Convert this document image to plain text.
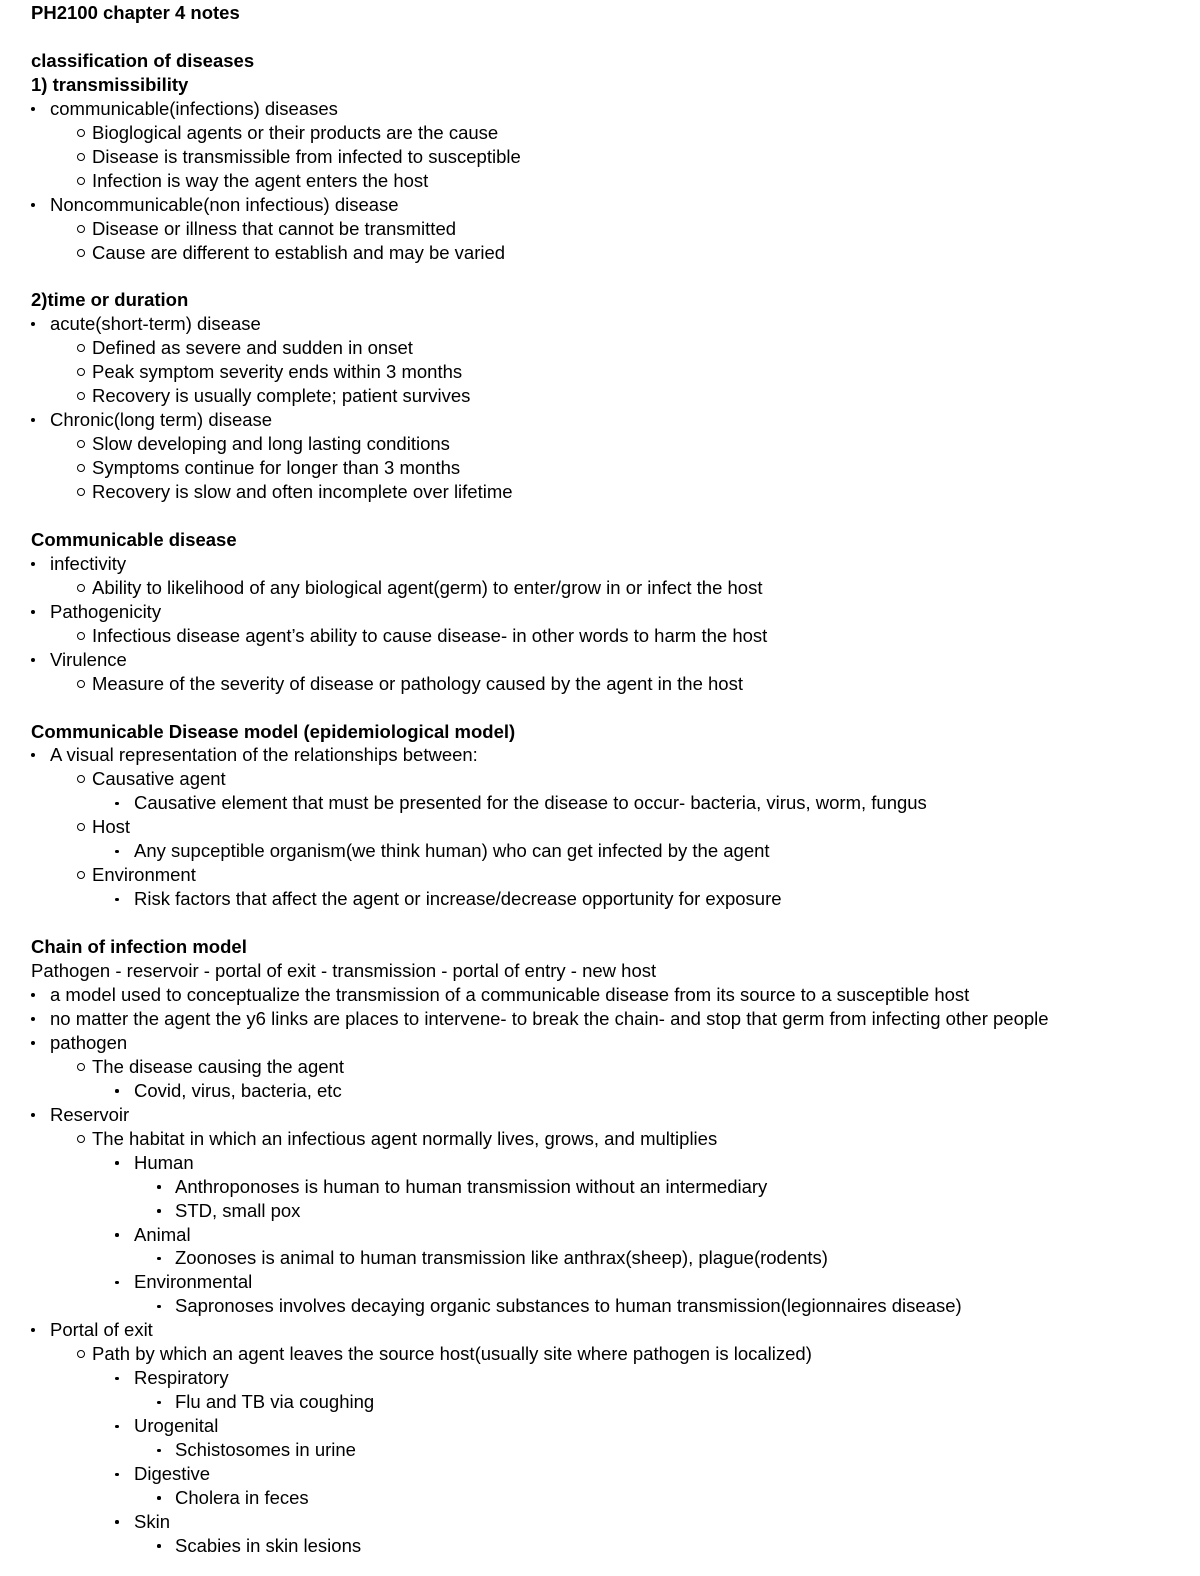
PH2100 chapter 4 notes
classification of diseases
1) transmissibility
communicable(infections) diseases
Bioglogical agents or their products are the cause
Disease is transmissible from infected to susceptible
Infection is way the agent enters the host
Noncommunicable(non infectious) disease
Disease or illness that cannot be transmitted
Cause are different to establish and may be varied
2)time or duration
acute(short-term) disease
Defined as severe and sudden in onset
Peak symptom severity ends within 3 months
Recovery is usually complete; patient survives
Chronic(long term) disease
Slow developing and long lasting conditions
Symptoms continue for longer than 3 months
Recovery is slow and often incomplete over lifetime
Communicable disease
infectivity
Ability to likelihood of any biological agent(germ) to enter/grow in or infect the host
Pathogenicity
Infectious disease agent’s ability to cause disease- in other words to harm the host
Virulence
Measure of the severity of disease or pathology caused by the agent in the host
Communicable Disease model (epidemiological model)
A visual representation of the relationships between:
Causative agent
Causative element that must be presented for the disease to occur- bacteria, virus, worm, fungus
Host
Any supceptible organism(we think human) who can get infected by the agent
Environment
Risk factors that affect the agent or increase/decrease opportunity for exposure
Chain of infection model
Pathogen - reservoir - portal of exit - transmission - portal of entry - new host
a model used to conceptualize the transmission of a communicable disease from its source to a susceptible host
no matter the agent the y6 links are places to intervene- to break the chain- and stop that germ from infecting other people
pathogen
The disease causing the agent
Covid, virus, bacteria, etc
Reservoir
The habitat in which an infectious agent normally lives, grows, and multiplies
Human
Anthroponoses is human to human transmission without an intermediary
STD, small pox
Animal
Zoonoses is animal to human transmission like anthrax(sheep), plague(rodents)
Environmental
Sapronoses involves decaying organic substances to human transmission(legionnaires disease)
Portal of exit
Path by which an agent leaves the source host(usually site where pathogen is localized)
Respiratory
Flu and TB via coughing
Urogenital
Schistosomes in urine
Digestive
Cholera in feces
Skin
Scabies in skin lesions
